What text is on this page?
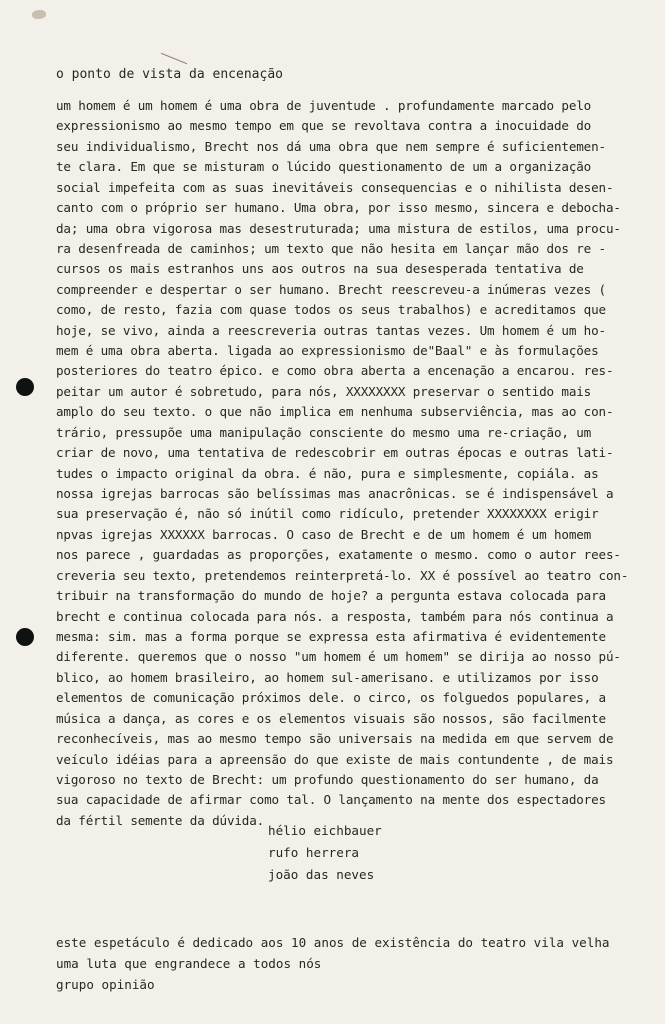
o ponto de vista da encenação
um homem é um homem é uma obra de juventude . profundamente marcado pelo
expressionismo ao mesmo tempo em que se revoltava contra a inocuidade do
seu individualismo, Brecht nos dá uma obra que nem sempre é suficientemen-
te clara. Em que se misturam o lúcido questionamento de um a organização
social impefeita com as suas inevitáveis consequencias e o nihilista desen-
canto com o próprio ser humano. Uma obra, por isso mesmo, sincera e debocha-
da; uma obra vigorosa mas desestruturada; uma mistura de estilos, uma procu-
ra desenfreada de caminhos; um texto que não hesita em lançar mão dos re -
cursos os mais estranhos uns aos outros na sua desesperada tentativa de
compreender e despertar o ser humano. Brecht reescreveu-a inúmeras vezes (
como, de resto, fazia com quase todos os seus trabalhos) e acreditamos que
hoje, se vivo, ainda a reescreveria outras tantas vezes. Um homem é um ho-
mem é uma obra aberta. ligada ao expressionismo de"Baal" e às formulações
posteriores do teatro épico. e como obra aberta a encenação a encarou. res-
peitar um autor é sobretudo, para nós, XXXXXXXX preservar o sentido mais
amplo do seu texto. o que não implica em nenhuma subserviência, mas ao con-
trário, pressupõe uma manipulação consciente do mesmo uma re-criação, um
criar de novo, uma tentativa de redescobrir em outras épocas e outras lati-
tudes o impacto original da obra. é não, pura e simplesmente, copiála. as
nossa igrejas barrocas são belíssimas mas anacrônicas. se é indispensável a
sua preservação é, não só inútil como ridículo, pretender XXXXXXXX erigir
npvas igrejas XXXXXX barrocas. O caso de Brecht e de um homem é um homem
nos parece , guardadas as proporções, exatamente o mesmo. como o autor rees-
creveria seu texto, pretendemos reinterpretá-lo. XX é possível ao teatro con-
tribuir na transformação do mundo de hoje? a pergunta estava colocada para
brecht e continua colocada para nós. a resposta, também para nós continua a
mesma: sim. mas a forma porque se expressa esta afirmativa é evidentemente
diferente. queremos que o nosso "um homem é um homem" se dirija ao nosso pú-
blico, ao homem brasileiro, ao homem sul-amerisano. e utilizamos por isso
elementos de comunicação próximos dele. o circo, os folguedos populares, a
música a dança, as cores e os elementos visuais são nossos, são facilmente
reconhecíveis, mas ao mesmo tempo são universais na medida em que servem de
veículo idéias para a apreensão do que existe de mais contundente , de mais
vigoroso no texto de Brecht: um profundo questionamento do ser humano, da
sua capacidade de afirmar como tal. O lançamento na mente dos espectadores
da fértil semente da dúvida.
hélio eichbauer
rufo herrera
joão das neves
este espetáculo é dedicado aos 10 anos de existência do teatro vila velha
uma luta que engrandece a todos nós
grupo opinião
